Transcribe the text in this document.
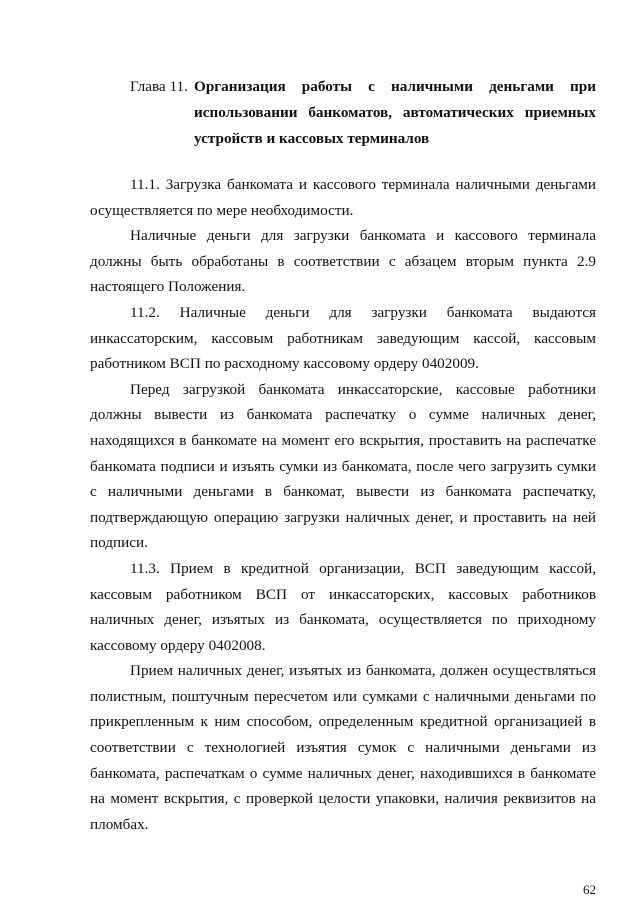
Глава 11. Организация работы с наличными деньгами при использовании банкоматов, автоматических приемных устройств и кассовых терминалов

11.1. Загрузка банкомата и кассового терминала наличными деньгами осуществляется по мере необходимости.

Наличные деньги для загрузки банкомата и кассового терминала должны быть обработаны в соответствии с абзацем вторым пункта 2.9 настоящего Положения.

11.2. Наличные деньги для загрузки банкомата выдаются инкассаторским, кассовым работникам заведующим кассой, кассовым работником ВСП по расходному кассовому ордеру 0402009.

Перед загрузкой банкомата инкассаторские, кассовые работники должны вывести из банкомата распечатку о сумме наличных денег, находящихся в банкомате на момент его вскрытия, проставить на распечатке банкомата подписи и изъять сумки из банкомата, после чего загрузить сумки с наличными деньгами в банкомат, вывести из банкомата распечатку, подтверждающую операцию загрузки наличных денег, и проставить на ней подписи.

11.3. Прием в кредитной организации, ВСП заведующим кассой, кассовым работником ВСП от инкассаторских, кассовых работников наличных денег, изъятых из банкомата, осуществляется по приходному кассовому ордеру 0402008.

Прием наличных денег, изъятых из банкомата, должен осуществляться полистным, поштучным пересчетом или сумками с наличными деньгами по прикрепленным к ним способом, определенным кредитной организацией в соответствии с технологией изъятия сумок с наличными деньгами из банкомата, распечаткам о сумме наличных денег, находившихся в банкомате на момент вскрытия, с проверкой целости упаковки, наличия реквизитов на пломбах.

62
